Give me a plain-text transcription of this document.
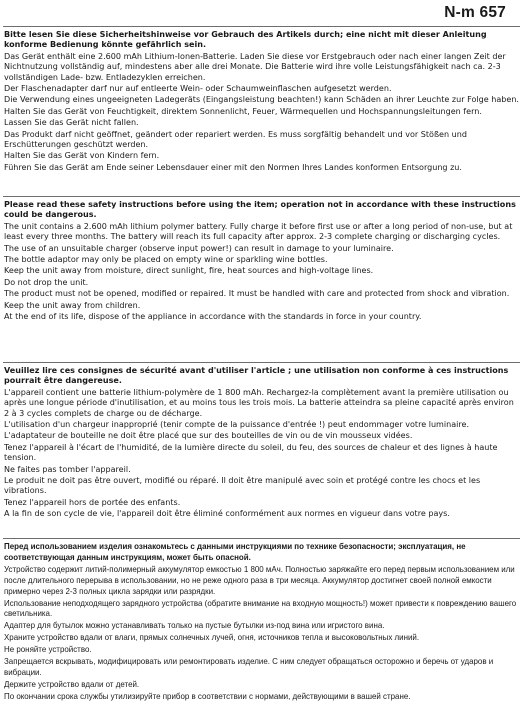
N-m 657

Bitte lesen Sie diese Sicherheitshinweise vor Gebrauch des Artikels durch; eine nicht mit dieser Anleitung konforme Bedienung könnte gefährlich sein.

Das Gerät enthält eine 2.600 mAh Lithium-Ionen-Batterie. Laden Sie diese vor Erstgebrauch oder nach einer langen Zeit der Nichtnutzung vollständig auf, mindestens aber alle drei Monate. Die Batterie wird ihre volle Leistungsfähigkeit nach ca. 2-3 vollständigen Lade- bzw. Entladezyklen erreichen.

Der Flaschenadapter darf nur auf entleerte Wein- oder Schaumweinflaschen aufgesetzt werden.

Die Verwendung eines ungeeigneten Ladegeräts (Eingangsleistung beachten!) kann Schäden an ihrer Leuchte zur Folge haben.

Halten Sie das Gerät von Feuchtigkeit, direktem Sonnenlicht, Feuer, Wärmequellen und Hochspannungsleitungen fern.

Lassen Sie das Gerät nicht fallen.

Das Produkt darf nicht geöffnet, geändert oder repariert werden. Es muss sorgfältig behandelt und vor Stößen und Erschütterungen geschützt werden.

Halten Sie das Gerät von Kindern fern.

Führen Sie das Gerät am Ende seiner Lebensdauer einer mit den Normen Ihres Landes konformen Entsorgung zu.

Please read these safety instructions before using the item; operation not in accordance with these instructions could be dangerous.

The unit contains a 2.600 mAh lithium polymer battery. Fully charge it before first use or after a long period of non-use, but at least every three months. The battery will reach its full capacity after approx. 2-3 complete charging or discharging cycles.

The use of an unsuitable charger (observe input power!) can result in damage to your luminaire.

The bottle adaptor may only be placed on empty wine or sparkling wine bottles.

Keep the unit away from moisture, direct sunlight, fire, heat sources and high-voltage lines.

Do not drop the unit.

The product must not be opened, modified or repaired. It must be handled with care and protected from shock and vibration.

Keep the unit away from children.

At the end of its life, dispose of the appliance in accordance with the standards in force in your country.

Veuillez lire ces consignes de sécurité avant d'utiliser l'article ; une utilisation non conforme à ces instructions pourrait être dangereuse.

L'appareil contient une batterie lithium-polymère de 1 800 mAh. Rechargez-la complètement avant la première utilisation ou après une longue période d'inutilisation, et au moins tous les trois mois. La batterie atteindra sa pleine capacité après environ 2 à 3 cycles complets de charge ou de décharge.

L'utilisation d'un chargeur inapproprié (tenir compte de la puissance d'entrée !) peut endommager votre luminaire.

L'adaptateur de bouteille ne doit être placé que sur des bouteilles de vin ou de vin mousseux vidées.

Tenez l'appareil à l'écart de l'humidité, de la lumière directe du soleil, du feu, des sources de chaleur et des lignes à haute tension.

Ne faites pas tomber l'appareil.

Le produit ne doit pas être ouvert, modifié ou réparé. Il doit être manipulé avec soin et protégé contre les chocs et les vibrations.

Tenez l'appareil hors de portée des enfants.

A la fin de son cycle de vie, l'appareil doit être éliminé conformément aux normes en vigueur dans votre pays.

Перед использованием изделия ознакомьтесь с данными инструкциями по технике безопасности; эксплуатация, не соответствующая данным инструкциям, может быть опасной.

Устройство содержит литий-полимерный аккумулятор емкостью 1 800 мАч. Полностью заряжайте его перед первым использованием или после длительного перерыва в использовании, но не реже одного раза в три месяца. Аккумулятор достигнет своей полной емкости примерно через 2-3 полных цикла зарядки или разрядки.

Использование неподходящего зарядного устройства (обратите внимание на входную мощность!) может привести к повреждению вашего светильника.

Адаптер для бутылок можно устанавливать только на пустые бутылки из-под вина или игристого вина.

Храните устройство вдали от влаги, прямых солнечных лучей, огня, источников тепла и высоковольтных линий.

Не роняйте устройство.

Запрещается вскрывать, модифицировать или ремонтировать изделие. С ним следует обращаться осторожно и беречь от ударов и вибрации.

Держите устройство вдали от детей.

По окончании срока службы утилизируйте прибор в соответствии с нормами, действующими в вашей стране.
